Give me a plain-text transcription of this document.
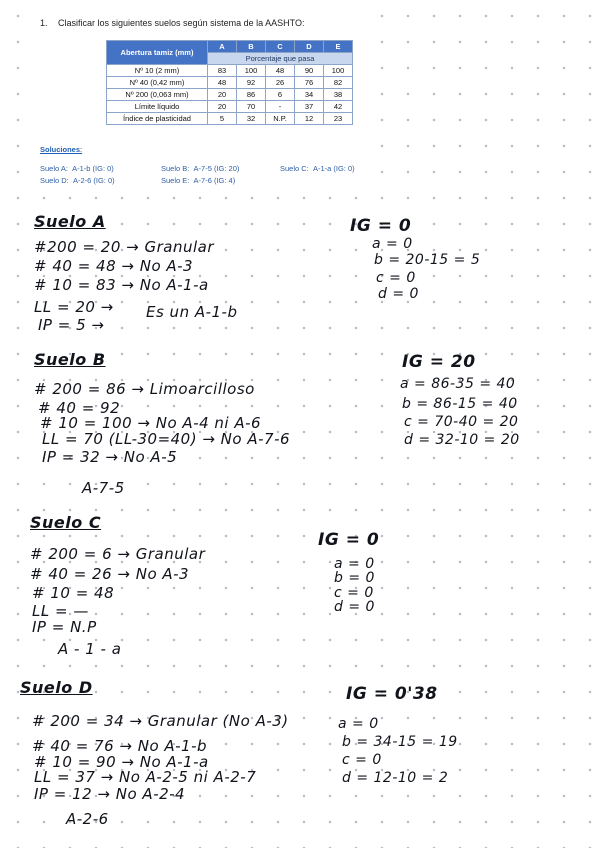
1. Clasificar los siguientes suelos según sistema de la AASHTO:
Abertura tamiz (mm)	A	B	C	D	E
	Porcentaje que pasa				
Nº 10 (2 mm)	83	100	48	90	100
Nº 40 (0,42 mm)	48	92	26	76	82
Nº 200 (0,063 mm)	20	86	6	34	38
Límite líquido	20	70	-	37	42
Índice de plasticidad	5	32	N.P.	12	23
Soluciones:
Suelo A: A-1-b (IG: 0)	Suelo B: A-7-5 (IG: 20)	Suelo C: A-1-a (IG: 0)
Suelo D: A-2-6 (IG: 0)	Suelo E: A-7-6 (IG: 4)
Suelo A
#200 = 20 → Granular
# 40 = 48 → No A-3
# 10 = 83 → No A-1-a
LL = 20 →
IP = 5 →
Es un A-1-b
IG = 0
a = 0
b = 20-15 = 5
c = 0
d = 0
Suelo B
# 200 = 86 → Limoarcilloso
# 40 = 92
# 10 = 100 → No A-4 ni A-6
LL = 70 (LL-30=40) → No A-7-6
IP = 32 → No A-5
A-7-5
IG = 20
a = 86-35 = 40
b = 86-15 = 40
c = 70-40 = 20
d = 32-10 = 20
Suelo C
# 200 = 6 → Granular
# 40 = 26 → No A-3
# 10 = 48
LL = —
IP = N.P
A - 1 - a
IG = 0
a = 0
b = 0
c = 0
d = 0
Suelo D
# 200 = 34 → Granular (No A-3)
# 40 = 76 → No A-1-b
# 10 = 90 → No A-1-a
LL = 37 → No A-2-5 ni A-2-7
IP = 12 → No A-2-4
A-2-6
IG = 0'38
a = 0
b = 34-15 = 19
c = 0
d = 12-10 = 2
